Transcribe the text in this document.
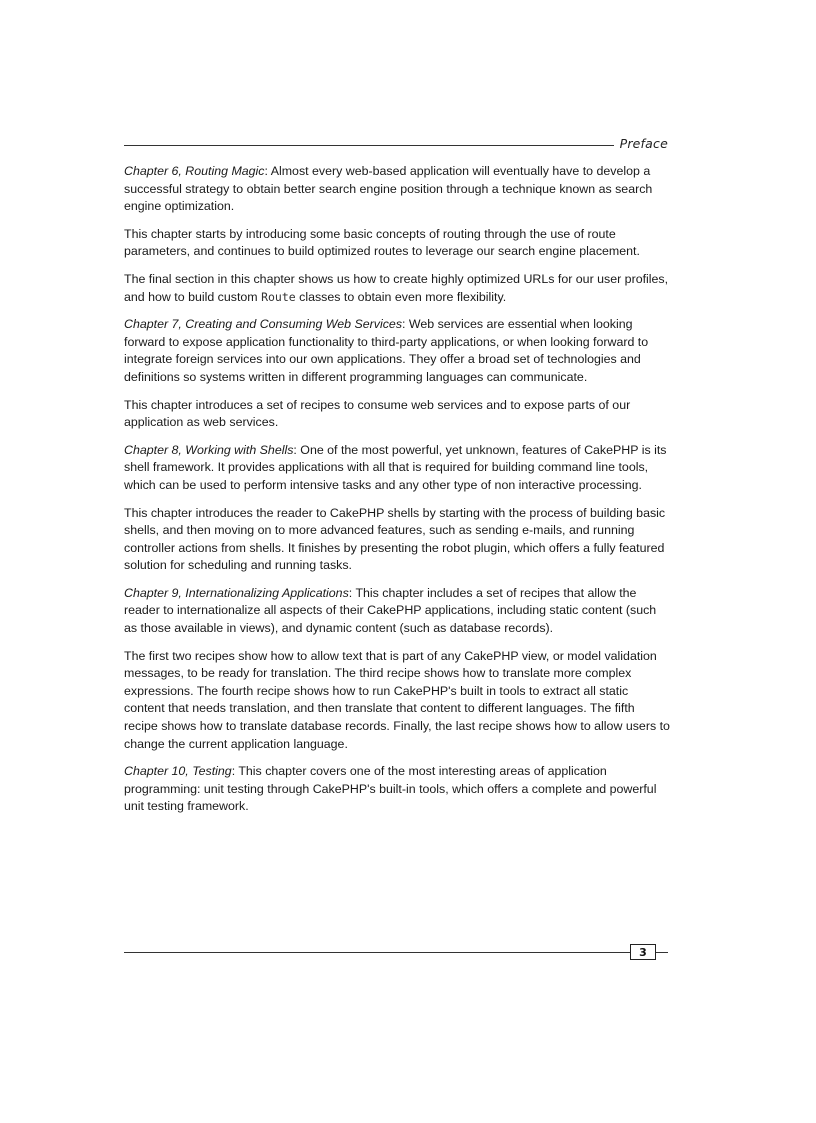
Preface

Chapter 6, Routing Magic: Almost every web-based application will eventually have to develop a successful strategy to obtain better search engine position through a technique known as search engine optimization.

This chapter starts by introducing some basic concepts of routing through the use of route parameters, and continues to build optimized routes to leverage our search engine placement.

The final section in this chapter shows us how to create highly optimized URLs for our user profiles, and how to build custom Route classes to obtain even more flexibility.

Chapter 7, Creating and Consuming Web Services: Web services are essential when looking forward to expose application functionality to third-party applications, or when looking forward to integrate foreign services into our own applications. They offer a broad set of technologies and definitions so systems written in different programming languages can communicate.

This chapter introduces a set of recipes to consume web services and to expose parts of our application as web services.

Chapter 8, Working with Shells: One of the most powerful, yet unknown, features of CakePHP is its shell framework. It provides applications with all that is required for building command line tools, which can be used to perform intensive tasks and any other type of non interactive processing.

This chapter introduces the reader to CakePHP shells by starting with the process of building basic shells, and then moving on to more advanced features, such as sending e-mails, and running controller actions from shells. It finishes by presenting the robot plugin, which offers a fully featured solution for scheduling and running tasks.

Chapter 9, Internationalizing Applications: This chapter includes a set of recipes that allow the reader to internationalize all aspects of their CakePHP applications, including static content (such as those available in views), and dynamic content (such as database records).

The first two recipes show how to allow text that is part of any CakePHP view, or model validation messages, to be ready for translation. The third recipe shows how to translate more complex expressions. The fourth recipe shows how to run CakePHP's built in tools to extract all static content that needs translation, and then translate that content to different languages. The fifth recipe shows how to translate database records. Finally, the last recipe shows how to allow users to change the current application language.

Chapter 10, Testing: This chapter covers one of the most interesting areas of application programming: unit testing through CakePHP's built-in tools, which offers a complete and powerful unit testing framework.

3
